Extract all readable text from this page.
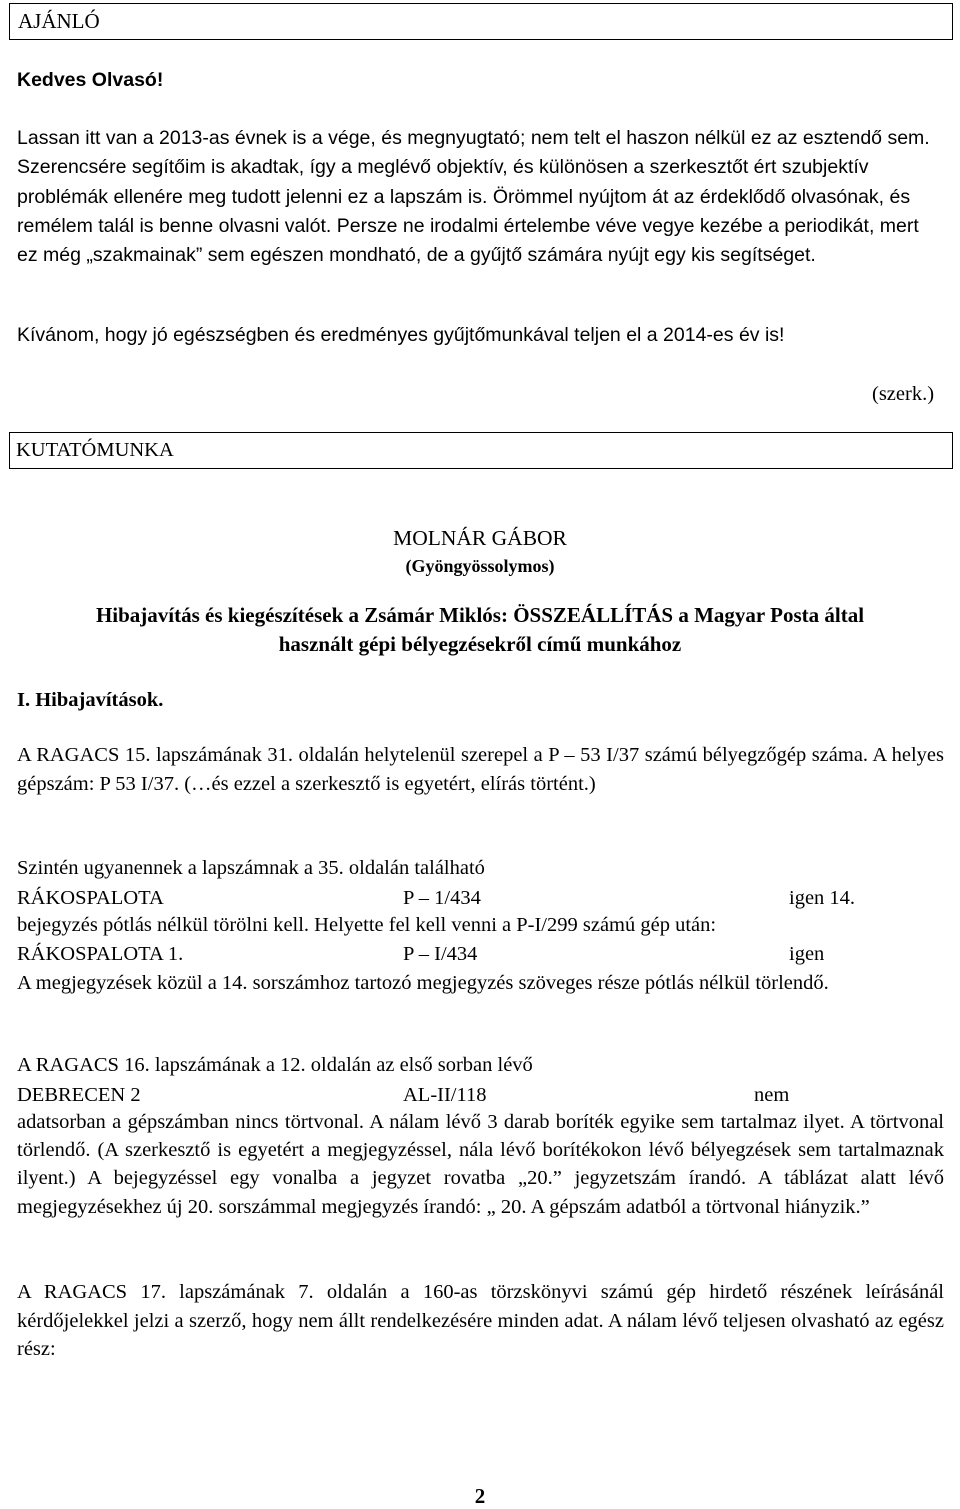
AJÁNLÓ
Kedves Olvasó!
Lassan itt van a 2013-as évnek is a vége, és megnyugtató; nem telt el haszon nélkül ez az esztendő sem. Szerencsére segítőim is akadtak, így a meglévő objektív, és különösen a szerkesztőt ért szubjektív problémák ellenére meg tudott jelenni ez a lapszám is. Örömmel nyújtom át az érdeklődő olvasónak, és remélem talál is benne olvasni valót. Persze ne irodalmi értelembe véve vegye kezébe a periodikát, mert ez még „szakmainak” sem egészen mondható, de a gyűjtő számára nyújt egy kis segítséget.
Kívánom, hogy jó egészségben és eredményes gyűjtőmunkával teljen el a 2014-es év is!
(szerk.)
KUTATÓMUNKA
MOLNÁR GÁBOR
(Gyöngyössolymos)
Hibajavítás és kiegészítések a Zsámár Miklós: ÖSSZEÁLLÍTÁS a Magyar Posta által
használt gépi bélyegzésekről című munkához
I. Hibajavítások.
A RAGACS 15. lapszámának 31. oldalán helytelenül szerepel a P – 53 I/37 számú bélyegzőgép száma. A helyes gépszám: P 53 I/37. (…és ezzel a szerkesztő is egyetért, elírás történt.)
Szintén ugyanennek a lapszámnak a 35. oldalán található
RÁKOSPALOTA	P – 1/434	igen 14.
bejegyzés pótlás nélkül törölni kell. Helyette fel kell venni a P-I/299 számú gép után:
RÁKOSPALOTA 1.	P – I/434	igen
A megjegyzések közül a 14. sorszámhoz tartozó megjegyzés szöveges része pótlás nélkül törlendő.
A RAGACS 16. lapszámának a 12. oldalán az első sorban lévő
DEBRECEN 2	AL-II/118	nem
adatsorban a gépszámban nincs törtvonal. A nálam lévő 3 darab boríték egyike sem tartalmaz ilyet. A törtvonal törlendő. (A szerkesztő is egyetért a megjegyzéssel, nála lévő borítékokon lévő bélyegzések sem tartalmaznak ilyent.) A bejegyzéssel egy vonalba a jegyzet rovatba „20.” jegyzetszám írandó. A táblázat alatt lévő megjegyzésekhez új 20. sorszámmal megjegyzés írandó: „ 20. A gépszám adatból a törtvonal hiányzik.”
A RAGACS 17. lapszámának 7. oldalán a 160-as törzskönyvi számú gép hirdető részének leírásánál kérdőjelekkel jelzi a szerző, hogy nem állt rendelkezésére minden adat. A nálam lévő teljesen olvasható az egész rész:
2
